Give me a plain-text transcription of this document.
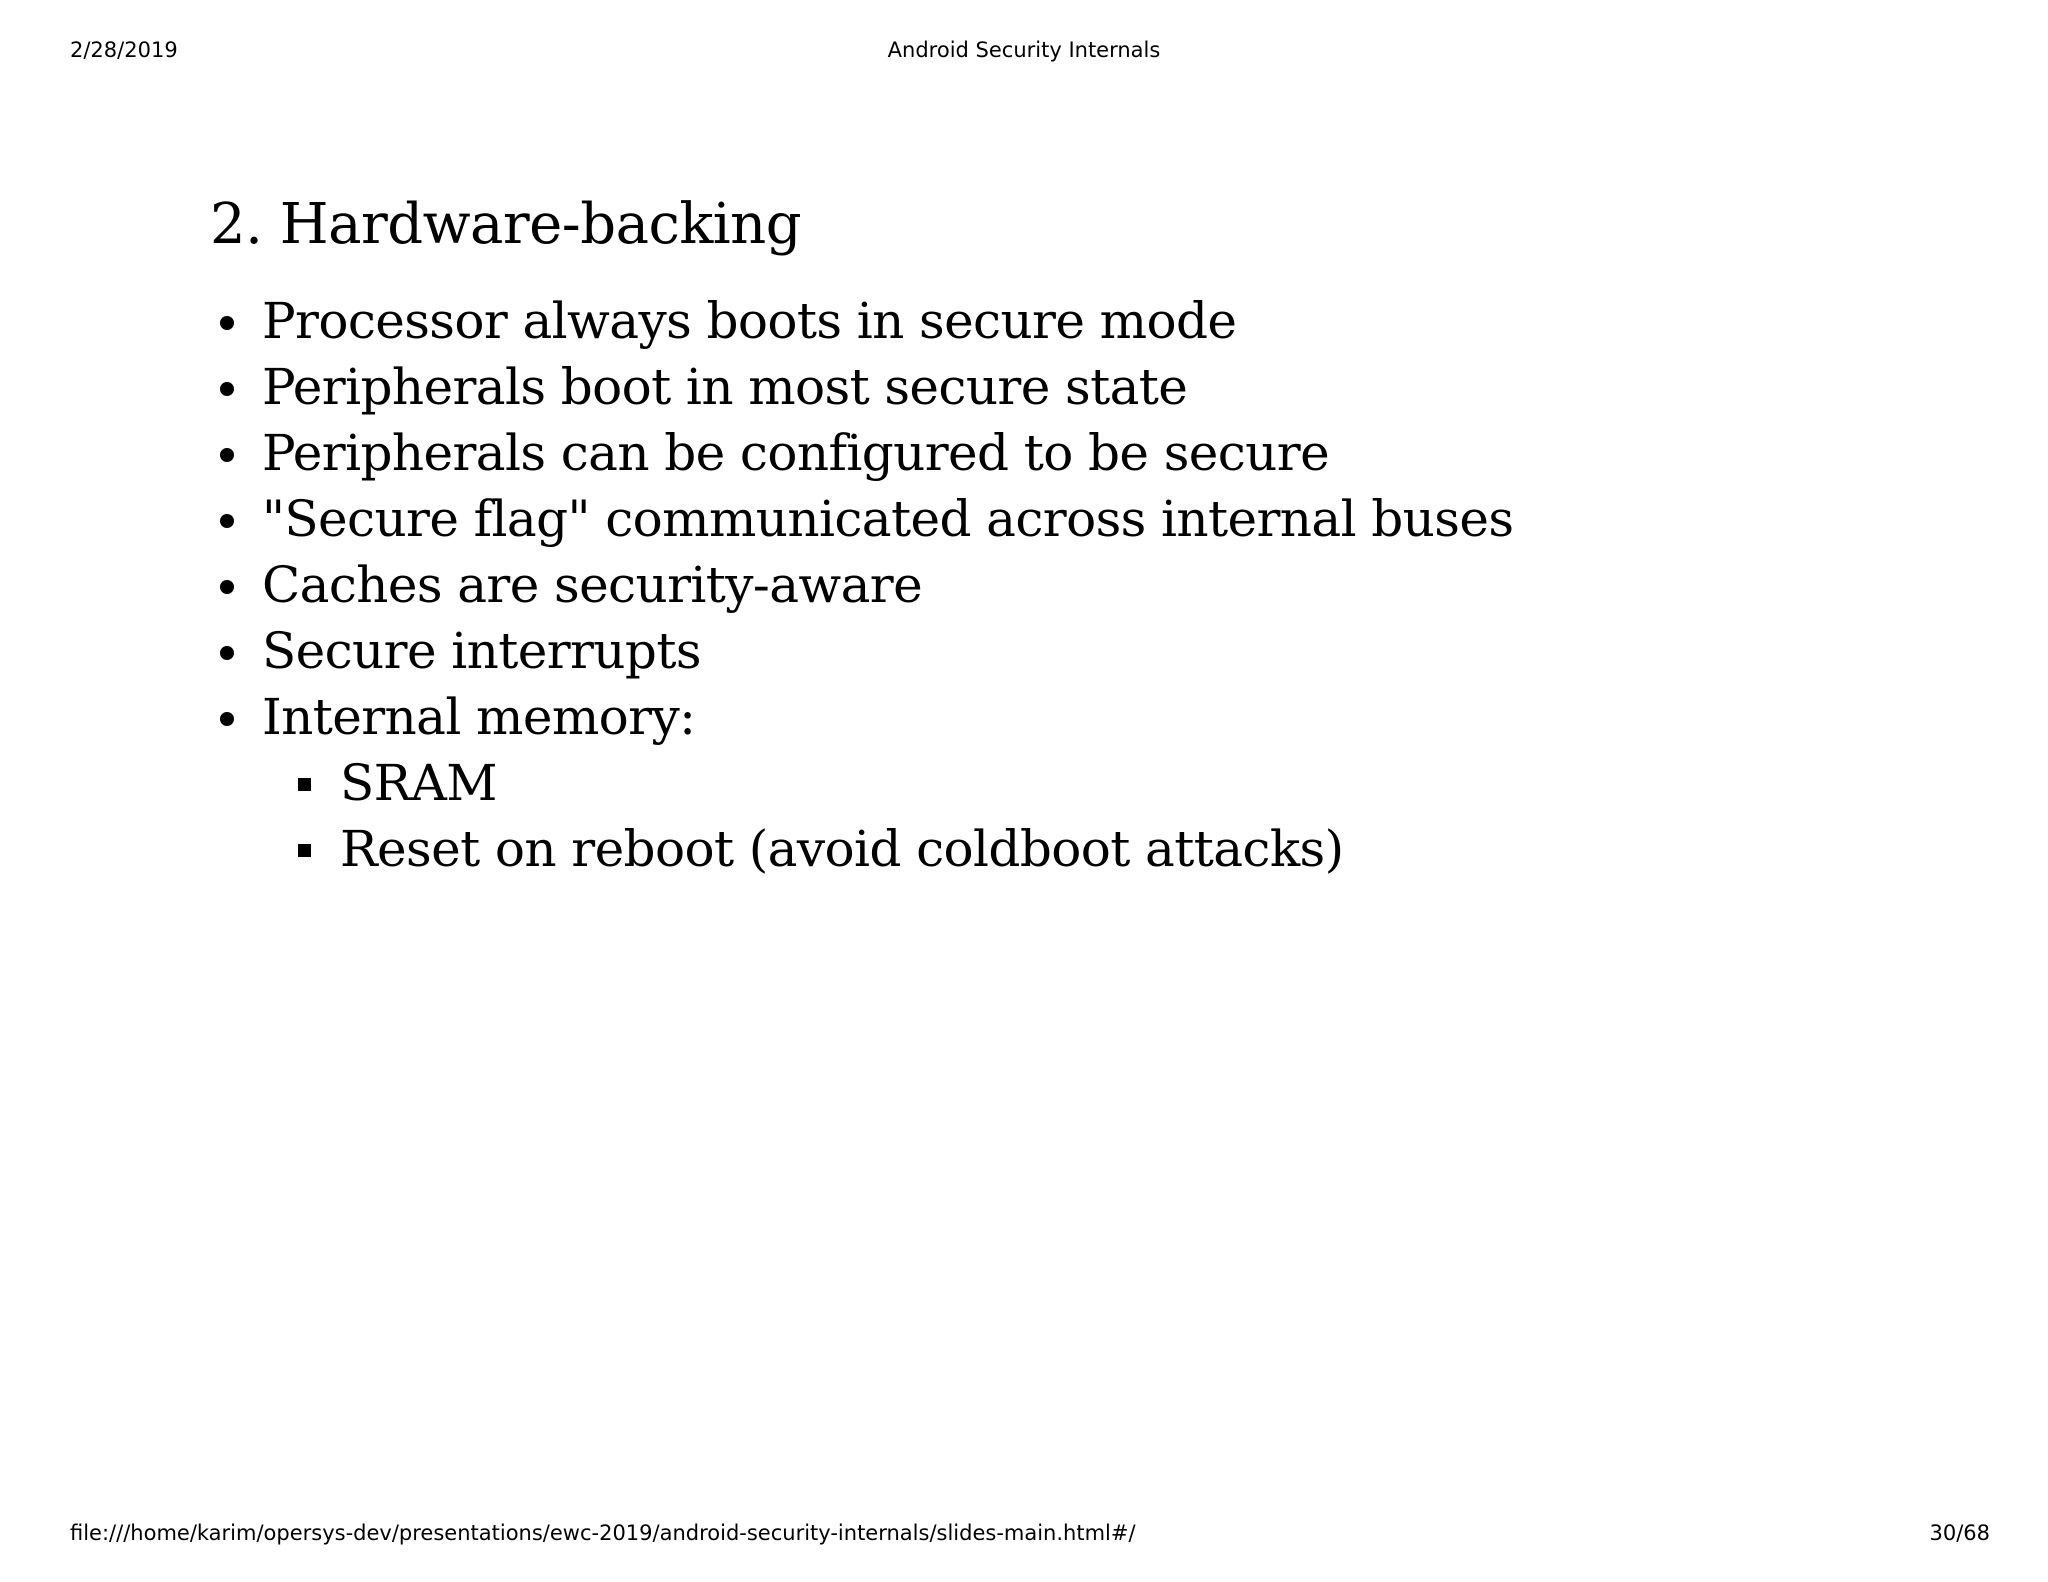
2/28/2019	Android Security Internals
2. Hardware-backing
Processor always boots in secure mode
Peripherals boot in most secure state
Peripherals can be configured to be secure
"Secure flag" communicated across internal buses
Caches are security-aware
Secure interrupts
Internal memory:
SRAM
Reset on reboot (avoid coldboot attacks)
file:///home/karim/opersys-dev/presentations/ewc-2019/android-security-internals/slides-main.html#/	30/68
